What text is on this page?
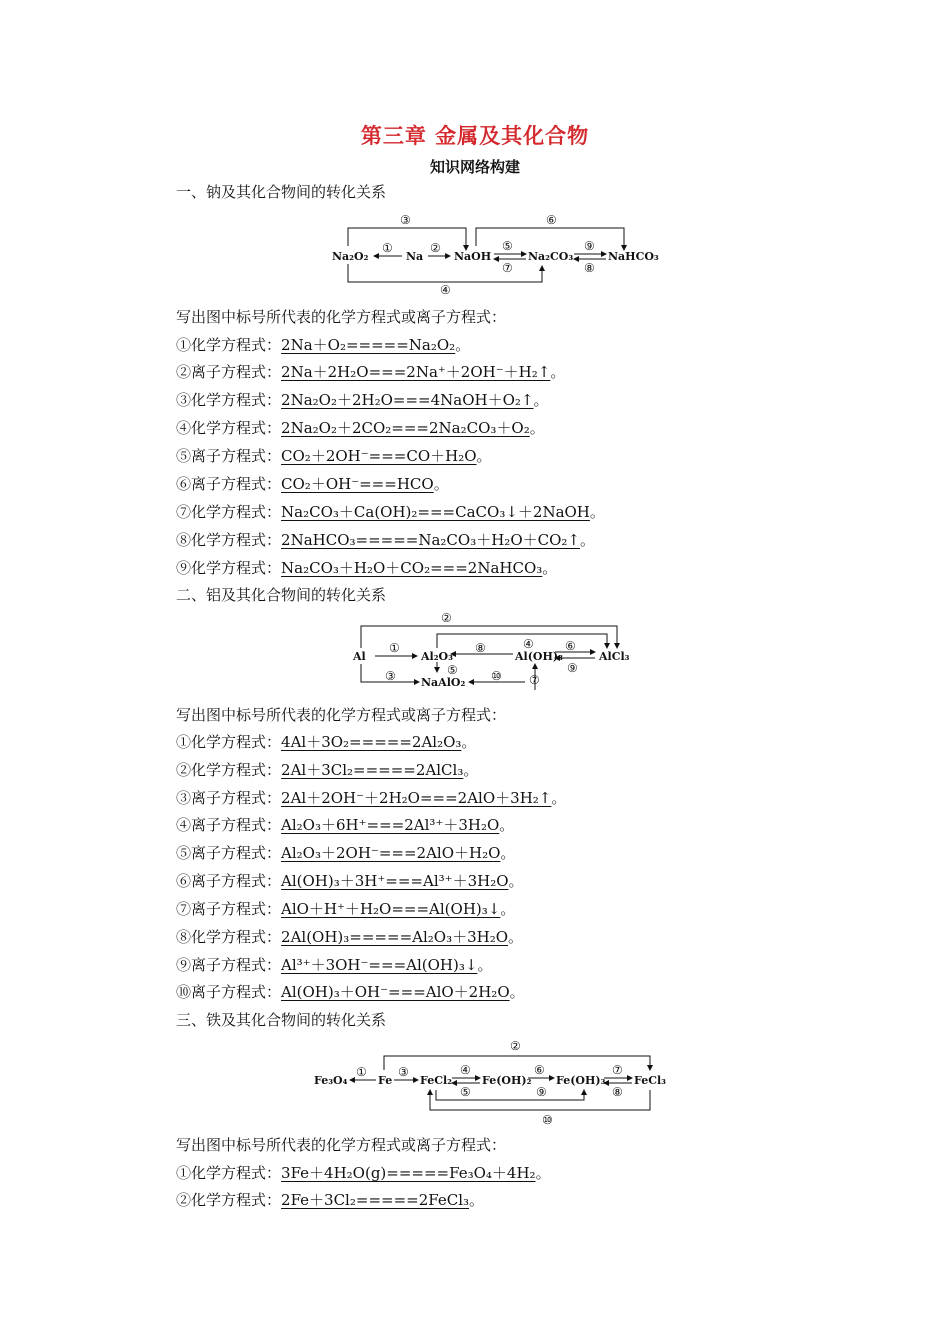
第三章 金属及其化合物
知识网络构建
一、钠及其化合物间的转化关系
Na₂O₂	Na	NaOH	Na₂CO₃	NaHCO₃
①	②
③
④
⑤
⑥
⑦	⑧
⑨
写出图中标号所代表的化学方程式或离子方程式：
①化学方程式：2Na＋O₂=====Na₂O₂。
②离子方程式：2Na＋2H₂O===2Na⁺＋2OH⁻＋H₂↑。
③化学方程式：2Na₂O₂＋2H₂O===4NaOH＋O₂↑。
④化学方程式：2Na₂O₂＋2CO₂===2Na₂CO₃＋O₂。
⑤离子方程式：CO₂＋2OH⁻===CO＋H₂O。
⑥离子方程式：CO₂＋OH⁻===HCO。
⑦化学方程式：Na₂CO₃＋Ca(OH)₂===CaCO₃↓＋2NaOH。
⑧化学方程式：2NaHCO₃=====Na₂CO₃＋H₂O＋CO₂↑。
⑨化学方程式：Na₂CO₃＋H₂O＋CO₂===2NaHCO₃。
二、铝及其化合物间的转化关系
Al	Al₂O₃	Al(OH)₃	AlCl₃
NaAlO₂
①
②
③
④
⑤
⑥
⑦
⑧
⑨
⑩
写出图中标号所代表的化学方程式或离子方程式：
①化学方程式：4Al＋3O₂=====2Al₂O₃。
②化学方程式：2Al＋3Cl₂=====2AlCl₃。
③离子方程式：2Al＋2OH⁻＋2H₂O===2AlO＋3H₂↑。
④离子方程式：Al₂O₃＋6H⁺===2Al³⁺＋3H₂O。
⑤离子方程式：Al₂O₃＋2OH⁻===2AlO＋H₂O。
⑥离子方程式：Al(OH)₃＋3H⁺===Al³⁺＋3H₂O。
⑦离子方程式：AlO＋H⁺＋H₂O===Al(OH)₃↓。
⑧化学方程式：2Al(OH)₃=====Al₂O₃＋3H₂O。
⑨离子方程式：Al³⁺＋3OH⁻===Al(OH)₃↓。
⑩离子方程式：Al(OH)₃＋OH⁻===AlO＋2H₂O。
三、铁及其化合物间的转化关系
Fe₃O₄	Fe	FeCl₂	Fe(OH)₂ Fe(OH)₃	FeCl₃
①
②
③	④
⑤
⑥	⑦
⑧
⑨
⑩
写出图中标号所代表的化学方程式或离子方程式：
①化学方程式：3Fe＋4H₂O(g)=====Fe₃O₄＋4H₂。
②化学方程式：2Fe＋3Cl₂=====2FeCl₃。
